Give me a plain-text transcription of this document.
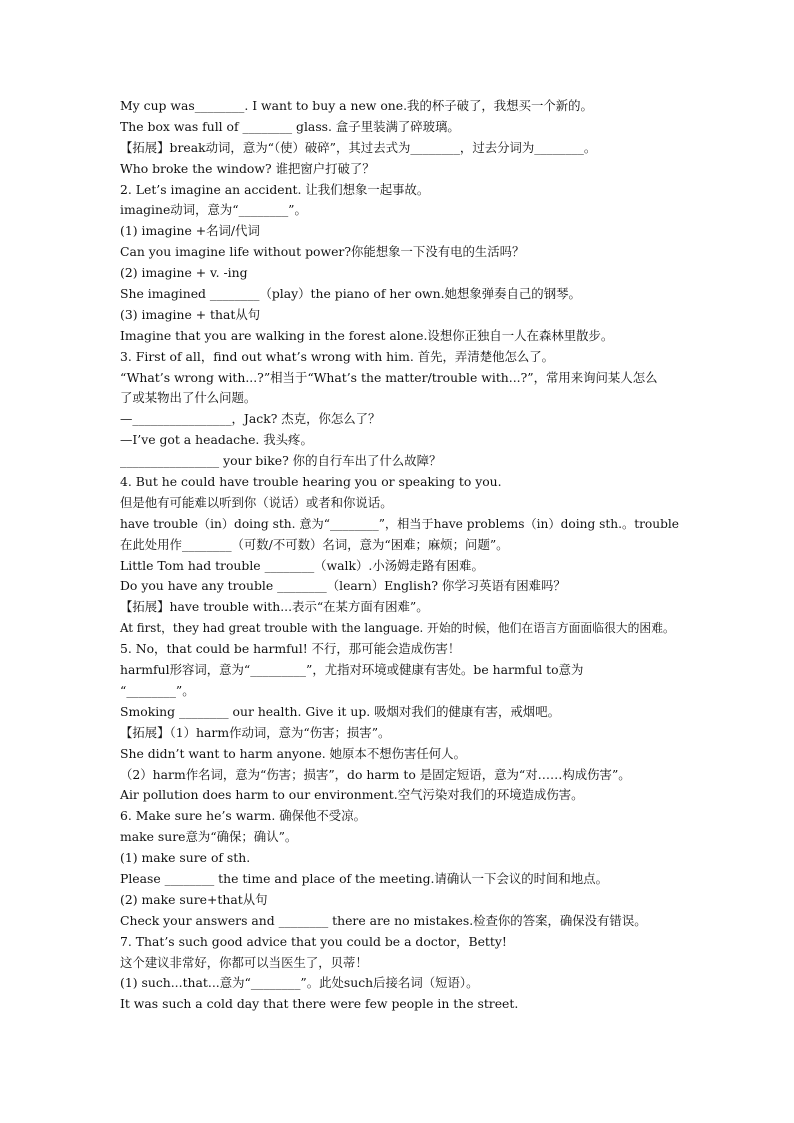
My cup was________. I want to buy a new one.我的杯子破了，我想买一个新的。
The box was full of ________ glass. 盒子里装满了碎玻璃。
【拓展】break动词，意为“（使）破碎”，其过去式为________，过去分词为________。
Who broke the window? 谁把窗户打破了？
2. Let’s imagine an accident. 让我们想象一起事故。
imagine动词，意为“________”。
(1) imagine +名词/代词
Can you imagine life without power?你能想象一下没有电的生活吗？
(2) imagine + v. -ing
She imagined ________（play）the piano of her own.她想象弹奏自己的钢琴。
(3) imagine + that从句
Imagine that you are walking in the forest alone.设想你正独自一人在森林里散步。
3. First of all，find out what’s wrong with him. 首先，弄清楚他怎么了。
“What’s wrong with...?”相当于“What’s the matter/trouble with...?”，常用来询问某人怎么
了或某物出了什么问题。
—________________，Jack? 杰克，你怎么了？
—I’ve got a headache. 我头疼。
________________ your bike? 你的自行车出了什么故障？
4. But he could have trouble hearing you or speaking to you.
但是他有可能难以听到你（说话）或者和你说话。
have trouble（in）doing sth. 意为“________”，相当于have problems（in）doing sth.。trouble
在此处用作________（可数/不可数）名词，意为“困难；麻烦；问题”。
Little Tom had trouble ________（walk）.小汤姆走路有困难。
Do you have any trouble ________（learn）English? 你学习英语有困难吗？
【拓展】have trouble with...表示“在某方面有困难”。
At first，they had great trouble with the language. 开始的时候，他们在语言方面面临很大的困难。
5. No，that could be harmful! 不行，那可能会造成伤害！
harmful形容词，意为“_________”，尤指对环境或健康有害处。be harmful to意为
“________”。
Smoking ________ our health. Give it up. 吸烟对我们的健康有害，戒烟吧。
【拓展】（1）harm作动词，意为“伤害；损害”。
She didn’t want to harm anyone. 她原本不想伤害任何人。
（2）harm作名词，意为“伤害；损害”，do harm to 是固定短语，意为“对……构成伤害”。
Air pollution does harm to our environment.空气污染对我们的环境造成伤害。
6. Make sure he’s warm. 确保他不受凉。
make sure意为“确保；确认”。
(1) make sure of sth.
Please ________ the time and place of the meeting.请确认一下会议的时间和地点。
(2) make sure+that从句
Check your answers and ________ there are no mistakes.检查你的答案，确保没有错误。
7. That’s such good advice that you could be a doctor，Betty!
这个建议非常好，你都可以当医生了，贝蒂！
(1) such...that...意为“________”。此处such后接名词（短语）。
It was such a cold day that there were few people in the street.
